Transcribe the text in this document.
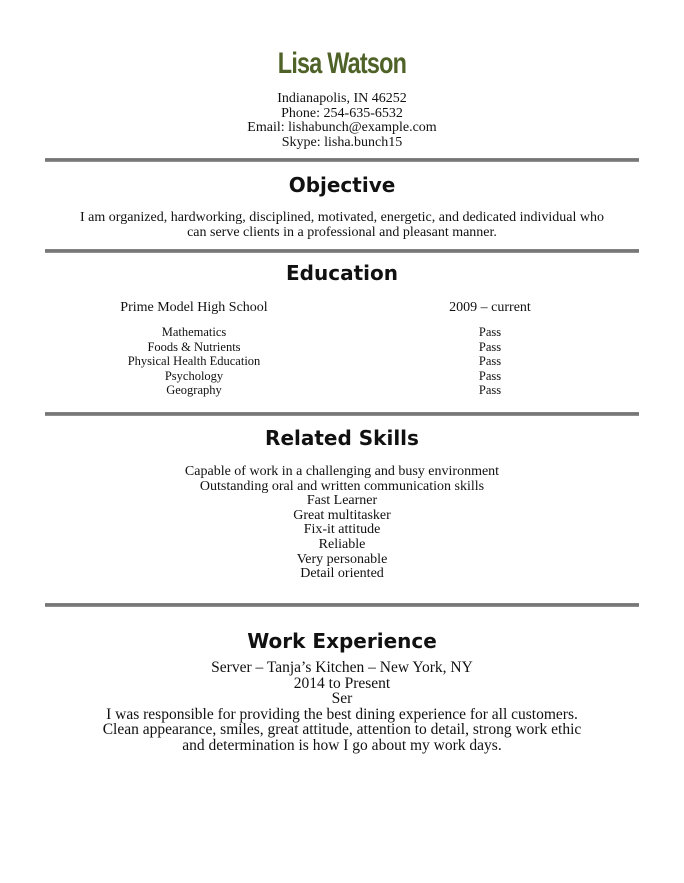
Lisa Watson
Indianapolis, IN 46252
Phone: 254-635-6532
Email: lishabunch@example.com
Skype: lisha.bunch15
Objective
I am organized, hardworking, disciplined, motivated, energetic, and dedicated individual who
can serve clients in a professional and pleasant manner.
Education
Prime Model High School	2009 – current
Mathematics
Foods & Nutrients
Physical Health Education
Psychology
Geography
Pass
Pass
Pass
Pass
Pass
Related Skills
Capable of work in a challenging and busy environment
Outstanding oral and written communication skills
Fast Learner
Great multitasker
Fix-it attitude
Reliable
Very personable
Detail oriented
Work Experience
Server – Tanja’s Kitchen – New York, NY
2014 to Present
Ser
I was responsible for providing the best dining experience for all customers.
Clean appearance, smiles, great attitude, attention to detail, strong work ethic
and determination is how I go about my work days.
